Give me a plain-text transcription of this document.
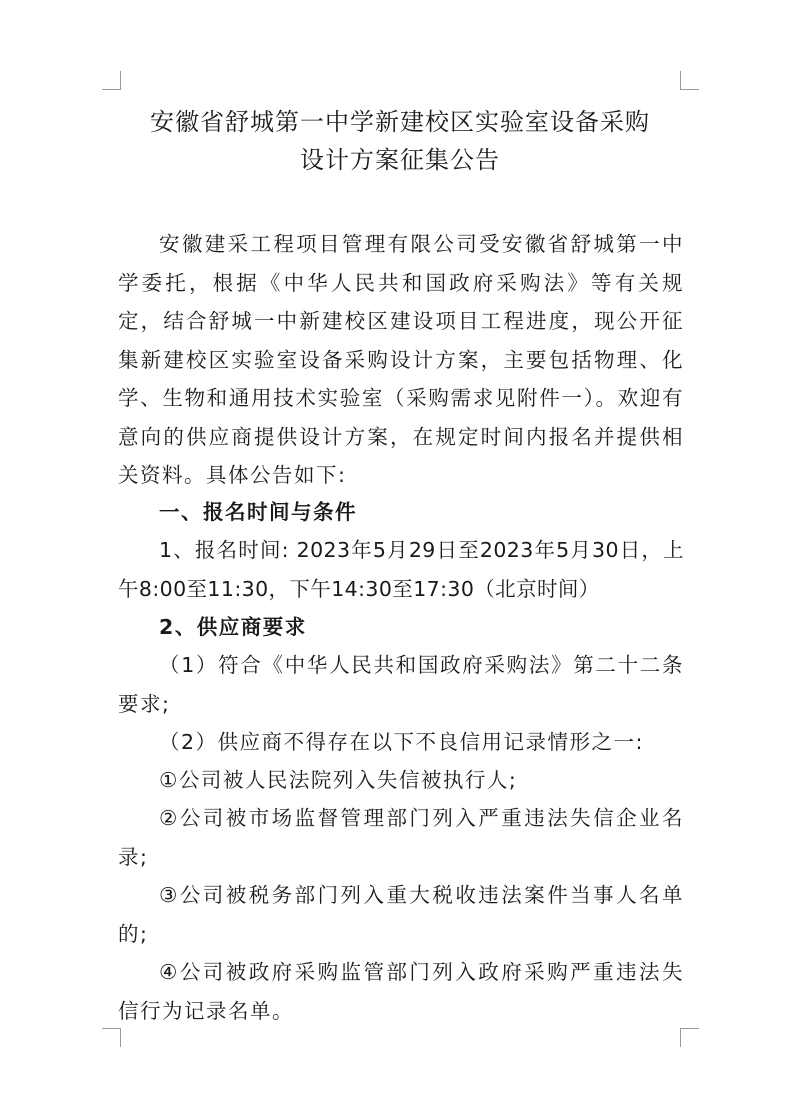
安徽省舒城第一中学新建校区实验室设备采购
设计方案征集公告

安徽建采工程项目管理有限公司受安徽省舒城第一中学委托，根据《中华人民共和国政府采购法》等有关规定，结合舒城一中新建校区建设项目工程进度，现公开征集新建校区实验室设备采购设计方案，主要包括物理、化学、生物和通用技术实验室（采购需求见附件一）。欢迎有意向的供应商提供设计方案，在规定时间内报名并提供相关资料。具体公告如下:

一、报名时间与条件

1、报名时间: 2023年5月29日至2023年5月30日，上午8:00至11:30，下午14:30至17:30（北京时间）

2、供应商要求

（1）符合《中华人民共和国政府采购法》第二十二条要求;

（2）供应商不得存在以下不良信用记录情形之一:

①公司被人民法院列入失信被执行人;

②公司被市场监督管理部门列入严重违法失信企业名录;

③公司被税务部门列入重大税收违法案件当事人名单的;

④公司被政府采购监管部门列入政府采购严重违法失信行为记录名单。
